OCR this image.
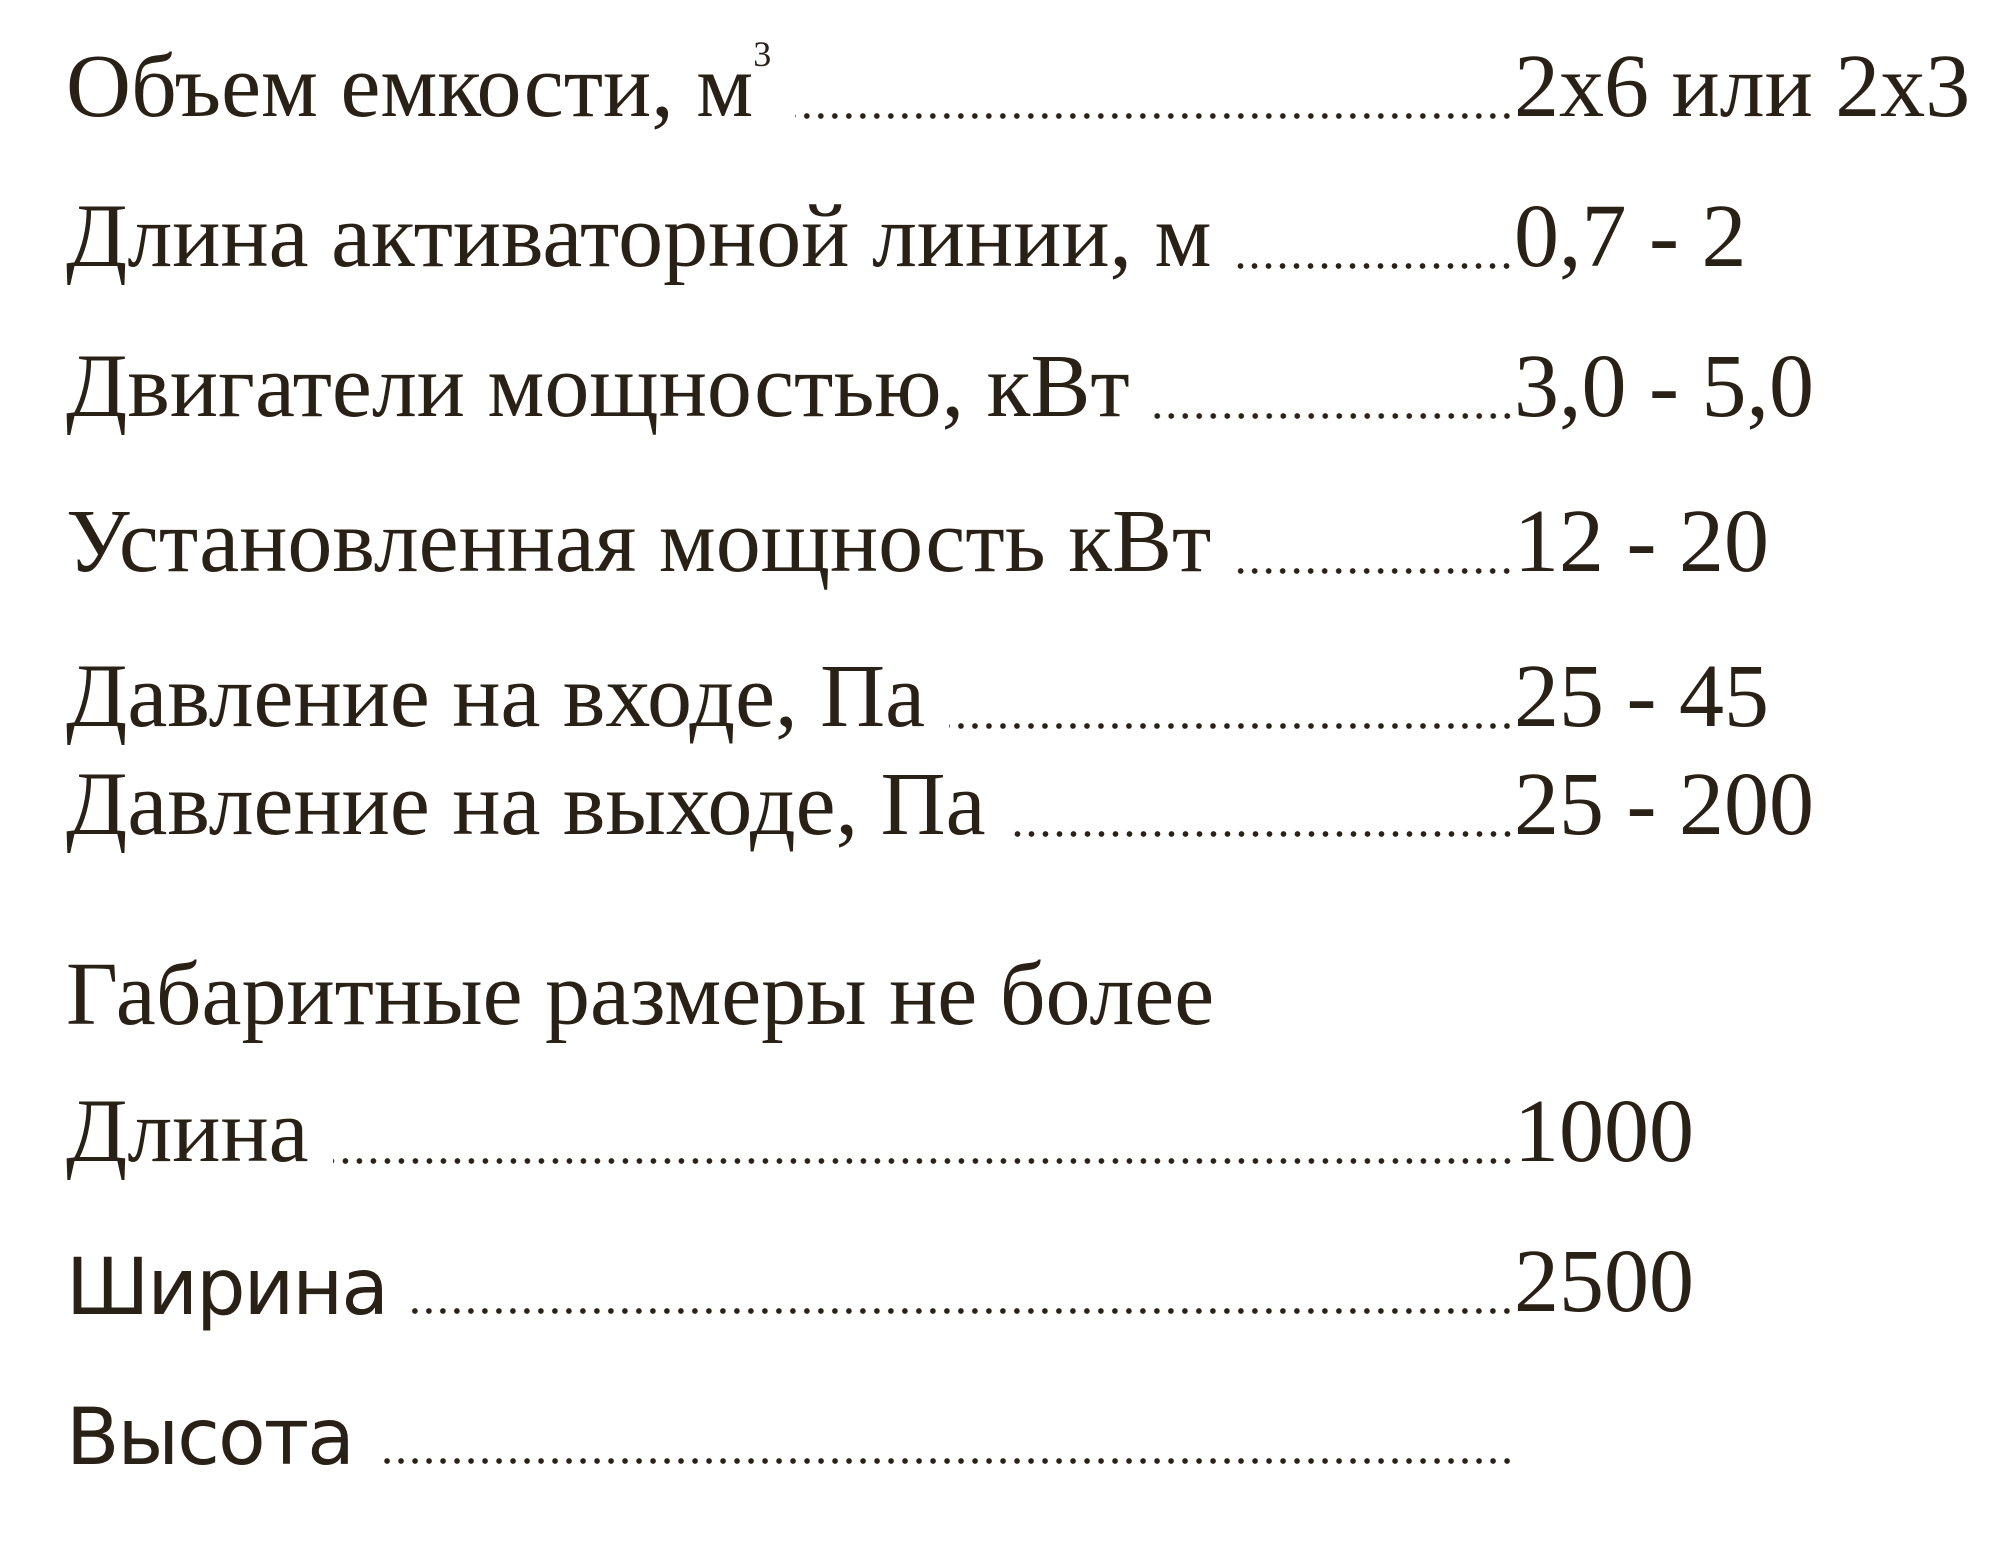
Объем емкости, $м^3$	2х6 или 2х3
Длина активаторной линии, м	0,7 - 2
Двигатели мощностью, кВт	3,0 - 5,0
Установленная мощность кВт	12 - 20
Давление на входе, Па	25 - 45
Давление на выходе, Па	25 - 200
Габаритные размеры не более
Длина	1000
Ширина	2500
Высота
